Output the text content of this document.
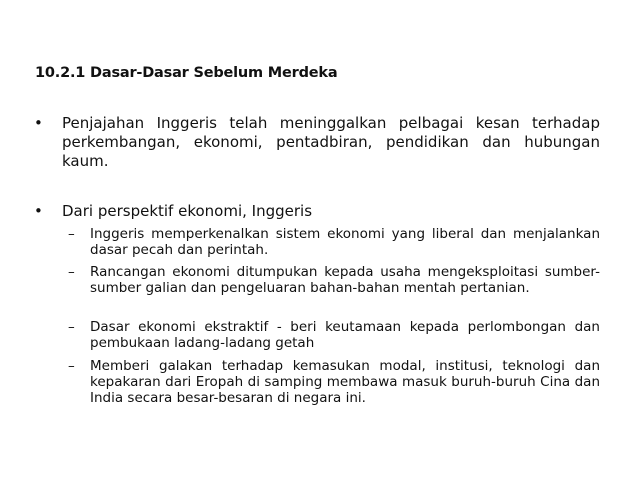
10.2.1 Dasar-Dasar Sebelum Merdeka
• Penjajahan Inggeris telah meninggalkan pelbagai kesan terhadap perkembangan, ekonomi, pentadbiran, pendidikan dan hubungan kaum.
• Dari perspektif ekonomi, Inggeris
– Inggeris memperkenalkan sistem ekonomi yang liberal dan menjalankan dasar pecah dan perintah.
– Rancangan ekonomi ditumpukan kepada usaha mengeksploitasi sumber-sumber galian dan pengeluaran bahan-bahan mentah pertanian.
– Dasar ekonomi ekstraktif - beri keutamaan kepada perlombongan dan pembukaan ladang-ladang getah
– Memberi galakan terhadap kemasukan modal, institusi, teknologi dan kepakaran dari Eropah di samping membawa masuk buruh-buruh Cina dan India secara besar-besaran di negara ini.
